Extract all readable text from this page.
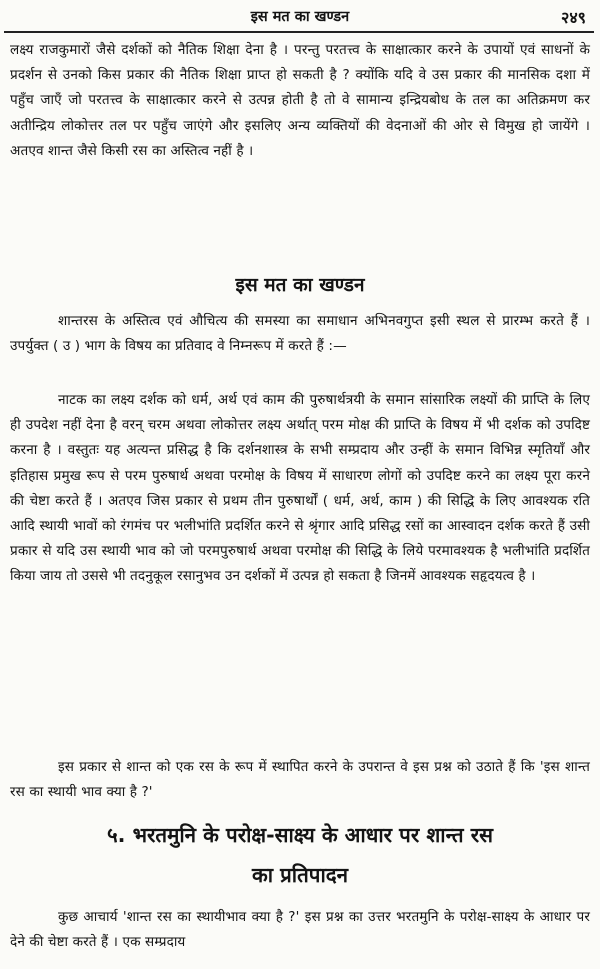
इस मत का खण्डन	२४९
लक्ष्य राजकुमारों जैसे दर्शकों को नैतिक शिक्षा देना है । परन्तु परतत्त्व के साक्षात्कार करने के उपायों एवं साधनों के प्रदर्शन से उनको किस प्रकार की नैतिक शिक्षा प्राप्त हो सकती है ? क्योंकि यदि वे उस प्रकार की मानसिक दशा में पहुँच जाएँ जो परतत्त्व के साक्षात्कार करने से उत्पन्न होती है तो वे सामान्य इन्द्रियबोध के तल का अतिक्रमण कर अतीन्द्रिय लोकोत्तर तल पर पहुँच जाएंगे और इसलिए अन्य व्यक्तियों की वेदनाओं की ओर से विमुख हो जायेंगे । अतएव शान्त जैसे किसी रस का अस्तित्व नहीं है ।
इस मत का खण्डन
शान्तरस के अस्तित्व एवं औचित्य की समस्या का समाधान अभिनवगुप्त इसी स्थल से प्रारम्भ करते हैं । उपर्युक्त ( उ ) भाग के विषय का प्रतिवाद वे निम्नरूप में करते हैं :—
नाटक का लक्ष्य दर्शक को धर्म, अर्थ एवं काम की पुरुषार्थत्रयी के समान सांसारिक लक्ष्यों की प्राप्ति के लिए ही उपदेश नहीं देना है वरन् चरम अथवा लोकोत्तर लक्ष्य अर्थात् परम मोक्ष की प्राप्ति के विषय में भी दर्शक को उपदिष्ट करना है । वस्तुतः यह अत्यन्त प्रसिद्ध है कि दर्शनशास्त्र के सभी सम्प्रदाय और उन्हीं के समान विभिन्न स्मृतियाँ और इतिहास प्रमुख रूप से परम पुरुषार्थ अथवा परमोक्ष के विषय में साधारण लोगों को उपदिष्ट करने का लक्ष्य पूरा करने की चेष्टा करते हैं । अतएव जिस प्रकार से प्रथम तीन पुरुषार्थों ( धर्म, अर्थ, काम ) की सिद्धि के लिए आवश्यक रति आदि स्थायी भावों को रंगमंच पर भलीभांति प्रदर्शित करने से श्रृंगार आदि प्रसिद्ध रसों का आस्वादन दर्शक करते हैं उसी प्रकार से यदि उस स्थायी भाव को जो परमपुरुषार्थ अथवा परमोक्ष की सिद्धि के लिये परमावश्यक है भलीभांति प्रदर्शित किया जाय तो उससे भी तदनुकूल रसानुभव उन दर्शकों में उत्पन्न हो सकता है जिनमें आवश्यक सहृदयत्व है ।
इस प्रकार से शान्त को एक रस के रूप में स्थापित करने के उपरान्त वे इस प्रश्न को उठाते हैं कि 'इस शान्त रस का स्थायी भाव क्या है ?'
५. भरतमुनि के परोक्ष-साक्ष्य के आधार पर शान्त रस
का प्रतिपादन
कुछ आचार्य 'शान्त रस का स्थायीभाव क्या है ?' इस प्रश्न का उत्तर भरतमुनि के परोक्ष-साक्ष्य के आधार पर देने की चेष्टा करते हैं । एक सम्प्रदाय
